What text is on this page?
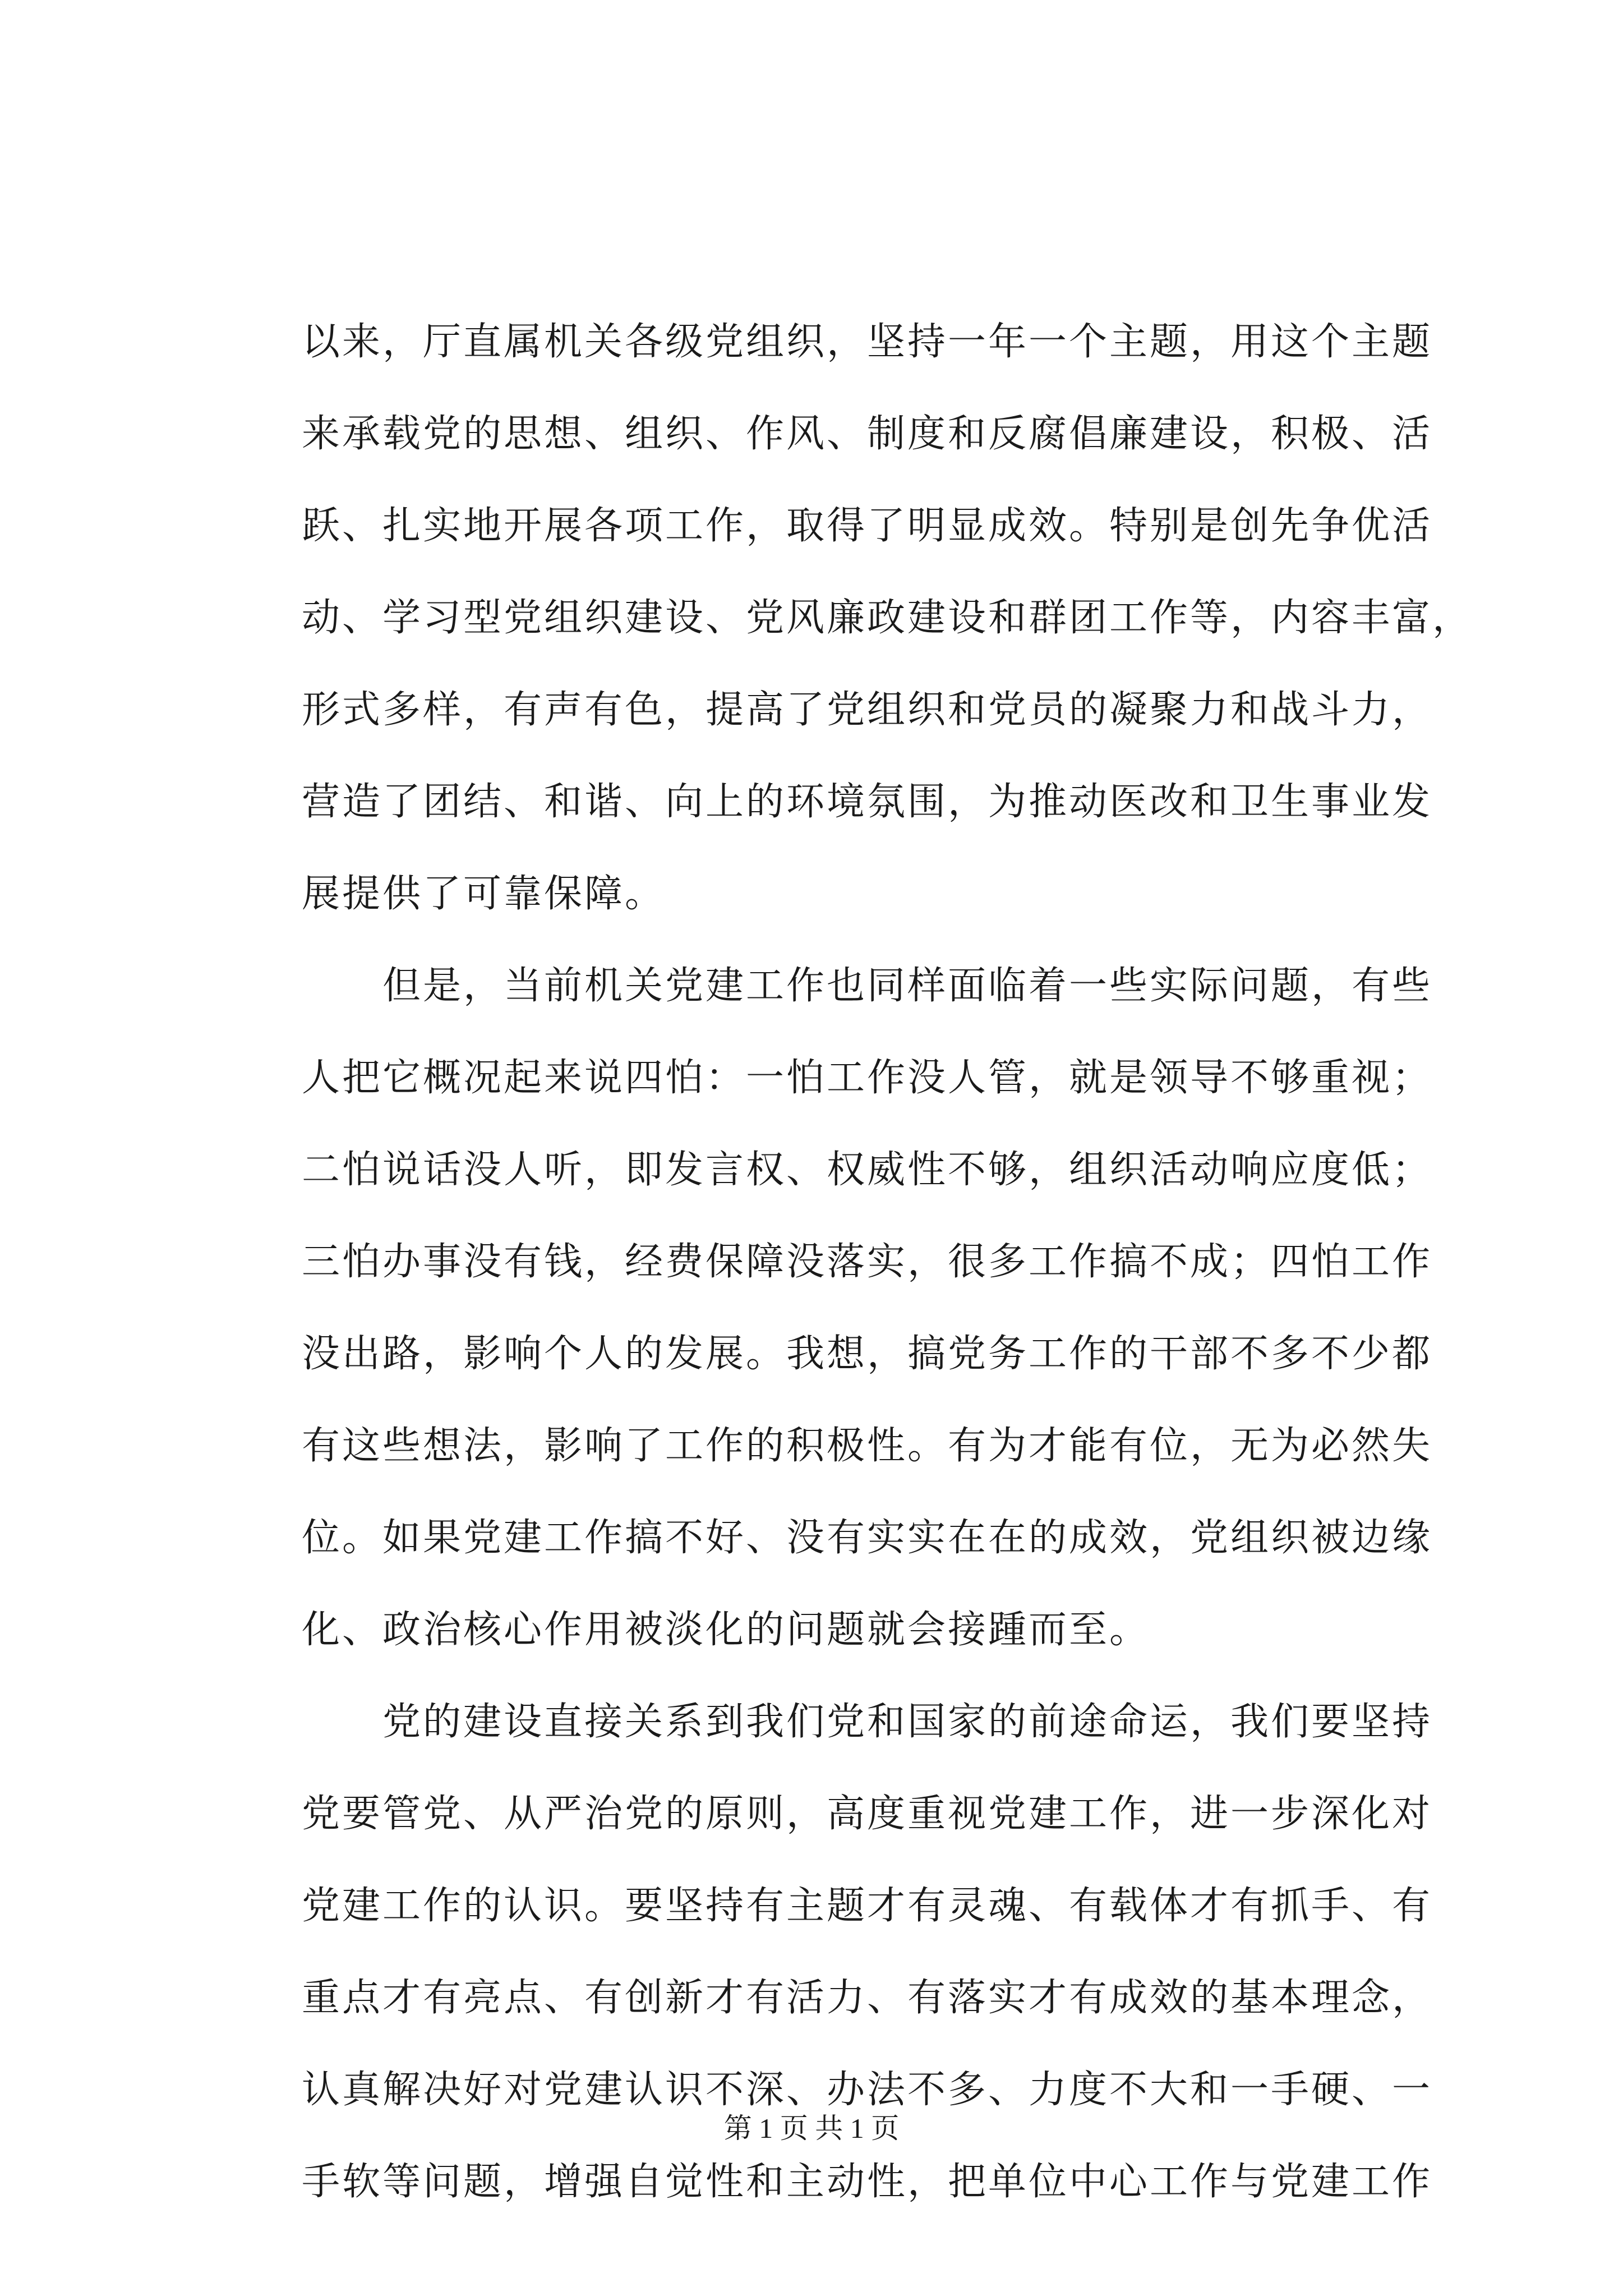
以来，厅直属机关各级党组织，坚持一年一个主题，用这个主题
来承载党的思想、组织、作风、制度和反腐倡廉建设，积极、活
跃、扎实地开展各项工作，取得了明显成效。特别是创先争优活
动、学习型党组织建设、党风廉政建设和群团工作等，内容丰富，
形式多样，有声有色，提高了党组织和党员的凝聚力和战斗力，
营造了团结、和谐、向上的环境氛围，为推动医改和卫生事业发
展提供了可靠保障。
但是，当前机关党建工作也同样面临着一些实际问题，有些
人把它概况起来说四怕：一怕工作没人管，就是领导不够重视；
二怕说话没人听，即发言权、权威性不够，组织活动响应度低；
三怕办事没有钱，经费保障没落实，很多工作搞不成；四怕工作
没出路，影响个人的发展。我想，搞党务工作的干部不多不少都
有这些想法，影响了工作的积极性。有为才能有位，无为必然失
位。如果党建工作搞不好、没有实实在在的成效，党组织被边缘
化、政治核心作用被淡化的问题就会接踵而至。
党的建设直接关系到我们党和国家的前途命运，我们要坚持
党要管党、从严治党的原则，高度重视党建工作，进一步深化对
党建工作的认识。要坚持有主题才有灵魂、有载体才有抓手、有
重点才有亮点、有创新才有活力、有落实才有成效的基本理念，
认真解决好对党建认识不深、办法不多、力度不大和一手硬、一
手软等问题，增强自觉性和主动性，把单位中心工作与党建工作
第 1 页 共 1 页
